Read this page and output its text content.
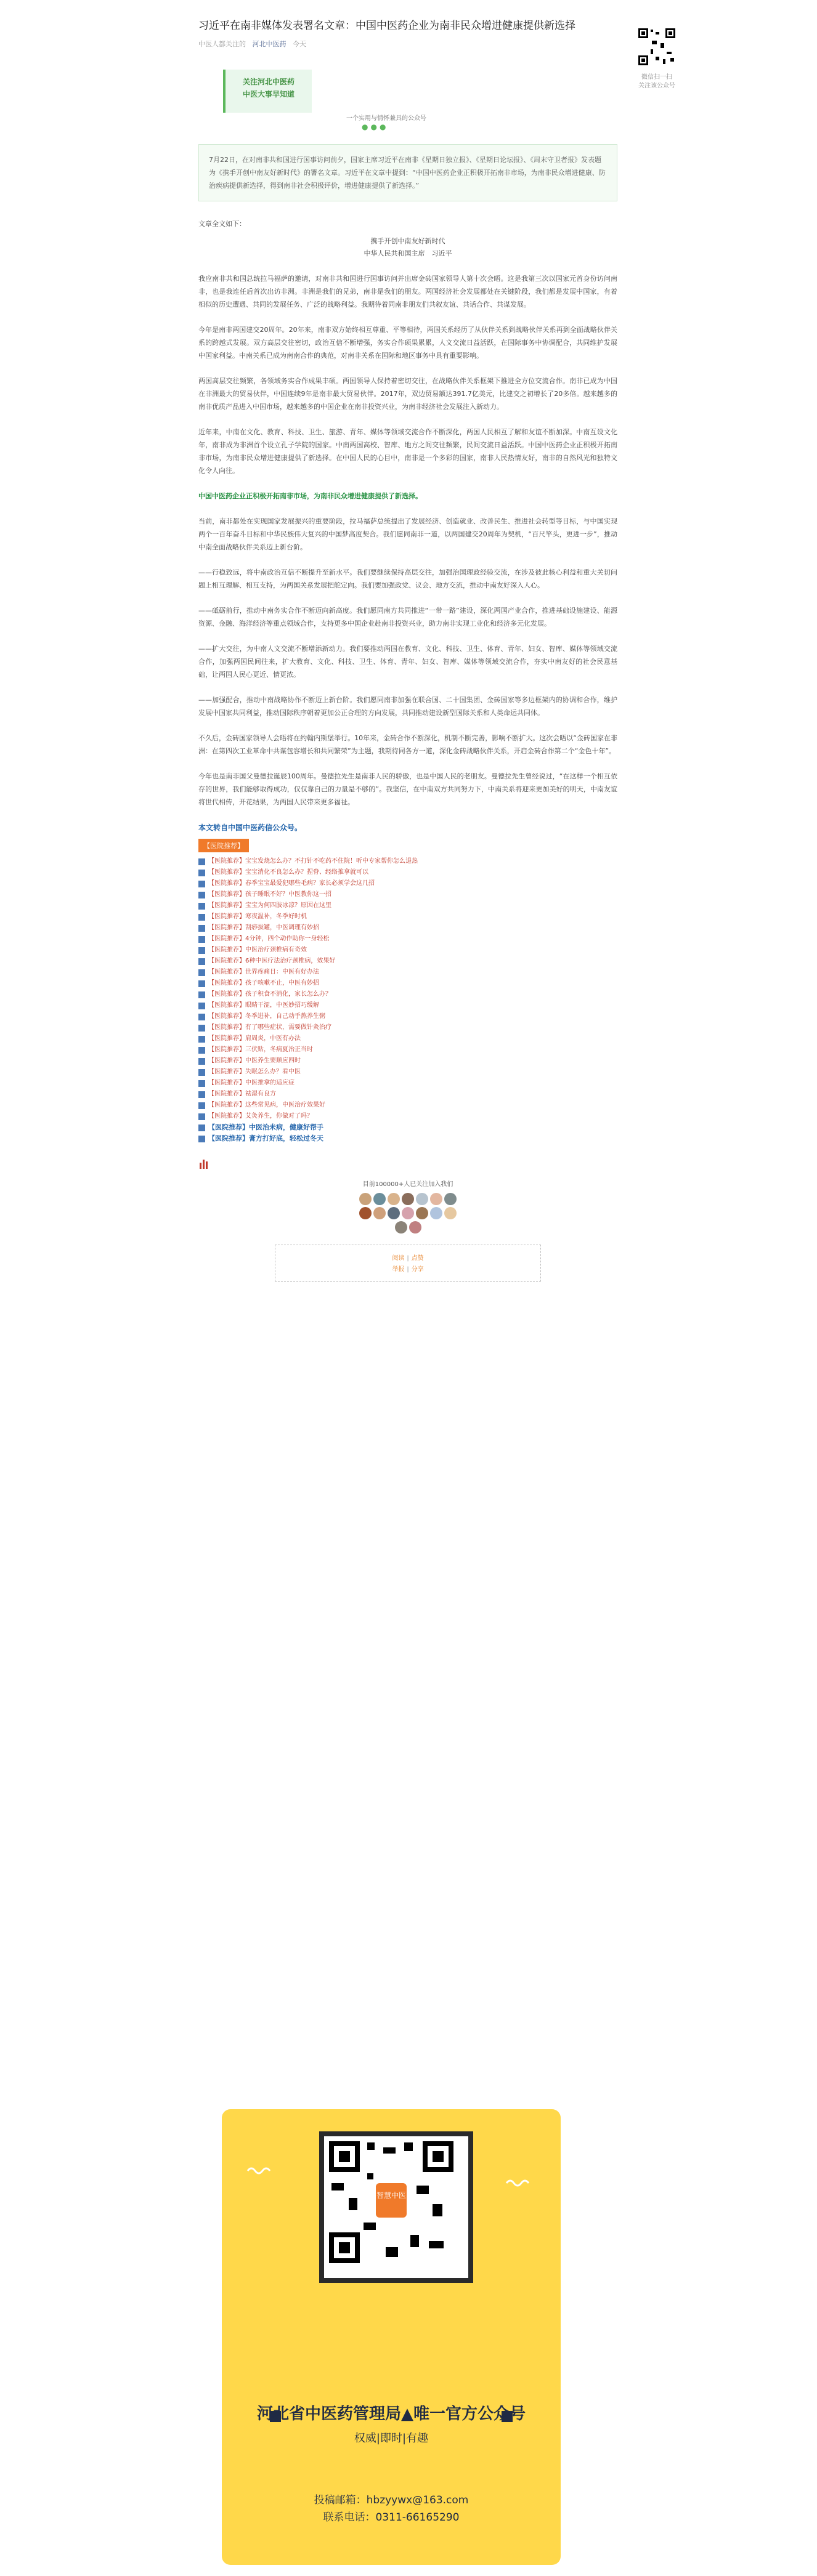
习近平在南非媒体发表署名文章：中国中医药企业为南非民众增进健康提供新选择
中医人都关注的 河北中医药 今天
关注河北中医药
中医大事早知道
一个实用与情怀兼具的公众号
●●●
7月22日，在对南非共和国进行国事访问前夕，国家主席习近平在南非《星期日独立报》、《星期日论坛报》、《周末守卫者报》发表题为《携手开创中南友好新时代》的署名文章。习近平在文章中提到：“中国中医药企业正积极开拓南非市场，为南非民众增进健康、防治疾病提供新选择，得到南非社会积极评价，增进健康提供了新选择。”
文章全文如下：
携手开创中南友好新时代
中华人民共和国主席　习近平

我应南非共和国总统拉马福萨的邀请，对南非共和国进行国事访问并出席金砖国家领导人第十次会晤。这是我第三次以国家元首身份访问南非，也是我连任后首次出访非洲。非洲是我们的兄弟，南非是我们的朋友。两国经济社会发展都处在关键阶段，我们都是发展中国家，有着相似的历史遭遇、共同的发展任务、广泛的战略利益。我期待着同南非朋友们共叙友谊、共话合作、共谋发展。

今年是南非两国建交20周年。20年来，南非双方始终相互尊重、平等相待，两国关系经历了从伙伴关系到战略伙伴关系再到全面战略伙伴关系的跨越式发展。双方高层交往密切，政治互信不断增强，务实合作硕果累累，人文交流日益活跃，在国际事务中协调配合，共同维护发展中国家利益。中南关系已成为南南合作的典范，对南非关系在国际和地区事务中具有重要影响。

两国高层交往频繁，各领域务实合作成果丰硕。两国领导人保持着密切交往，在战略伙伴关系框架下推进全方位交流合作。南非已成为中国在非洲最大的贸易伙伴，中国连续9年是南非最大贸易伙伴。2017年，双边贸易额达391.7亿美元，比建交之初增长了20多倍。越来越多的南非优质产品进入中国市场，越来越多的中国企业在南非投资兴业，为南非经济社会发展注入新动力。

近年来，中南在文化、教育、科技、卫生、旅游、青年、媒体等领域交流合作不断深化，两国人民相互了解和友谊不断加深。中南互设文化年，南非成为非洲首个设立孔子学院的国家。中南两国高校、智库、地方之间交往频繁，民间交流日益活跃。中国中医药企业正积极开拓南非市场，为南非民众增进健康提供了新选择。在中国人民的心目中，南非是一个多彩的国家，南非人民热情友好，南非的自然风光和独特文化令人向往。

中国中医药企业正积极开拓南非市场，为南非民众增进健康提供了新选择。

当前，南非都处在实现国家发展振兴的重要阶段，拉马福萨总统提出了发展经济、创造就业、改善民生、推进社会转型等目标，与中国实现两个一百年奋斗目标和中华民族伟大复兴的中国梦高度契合。我们愿同南非一道，以两国建交20周年为契机，“百尺竿头，更进一步”，推动中南全面战略伙伴关系迈上新台阶。

——行稳致远，将中南政治互信不断提升至新水平。我们要继续保持高层交往，加强治国理政经验交流，在涉及彼此核心利益和重大关切问题上相互理解、相互支持，为两国关系发展把舵定向。我们要加强政党、议会、地方交流，推动中南友好深入人心。

——砥砺前行，推动中南务实合作不断迈向新高度。我们愿同南方共同推进“一带一路”建设，深化两国产业合作，推进基础设施建设、能源资源、金融、海洋经济等重点领域合作，支持更多中国企业赴南非投资兴业，助力南非实现工业化和经济多元化发展。

——扩大交往，为中南人文交流不断增添新动力。我们要推动两国在教育、文化、科技、卫生、体育、青年、妇女、智库、媒体等领域交流合作，加强两国民间往来，扩大教育、文化、科技、卫生、体育、青年、妇女、智库、媒体等领域交流合作，夯实中南友好的社会民意基础，让两国人民心更近、情更浓。

——加强配合，推动中南战略协作不断迈上新台阶。我们愿同南非加强在联合国、二十国集团、金砖国家等多边框架内的协调和合作，维护发展中国家共同利益，推动国际秩序朝着更加公正合理的方向发展，共同推动建设新型国际关系和人类命运共同体。

不久后，金砖国家领导人会晤将在约翰内斯堡举行。10年来，金砖合作不断深化，机制不断完善，影响不断扩大。这次会晤以“金砖国家在非洲：在第四次工业革命中共谋包容增长和共同繁荣”为主题，我期待同各方一道，深化金砖战略伙伴关系，开启金砖合作第二个“金色十年”。

今年也是南非国父曼德拉诞辰100周年。曼德拉先生是南非人民的骄傲，也是中国人民的老朋友。曼德拉先生曾经说过，“在这样一个相互依存的世界，我们能够取得成功，仅仅靠自己的力量是不够的”。我坚信，在中南双方共同努力下，中南关系将迎来更加美好的明天，中南友谊将世代相传，开花结果，为两国人民带来更多福祉。

本文转自中国中医药信公众号。
【医院推荐】
【医院推荐】宝宝发烧怎么办？不打针不吃药不住院！听中专家帮你怎么退热
【医院推荐】宝宝消化不良怎么办？捏脊、经络推拿就可以
【医院推荐】春季宝宝最爱犯哪些毛病？家长必须学会这几招
【医院推荐】孩子睡眠不好？中医教你这一招
【医院推荐】宝宝为何四肢冰凉？原因在这里
【医院推荐】寒夜温补，冬季好时机
【医院推荐】刮痧拔罐，中医调理有妙招
【医院推荐】4分钟，四个动作助你一身轻松
【医院推荐】中医治疗颈椎病有奇效
【医院推荐】6种中医疗法治疗颈椎病，效果好
【医院推荐】世界疼痛日：中医有好办法
【医院推荐】孩子咳嗽不止，中医有妙招
【医院推荐】孩子积食不消化，家长怎么办？
【医院推荐】眼睛干涩，中医妙招巧缓解
【医院推荐】冬季进补，自己动手熬养生粥
【医院推荐】有了哪些症状，需要做针灸治疗
【医院推荐】肩周炎，中医有办法
【医院推荐】三伏贴，冬病夏治正当时
【医院推荐】中医养生要顺应四时
【医院推荐】失眠怎么办？看中医
【医院推荐】中医推拿的适应症
【医院推荐】祛湿有良方
【医院推荐】这些常见病，中医治疗效果好
【医院推荐】艾灸养生，你做对了吗？
【医院推荐】中医治未病，健康好帮手
【医院推荐】膏方打好底，轻松过冬天
目前100000+人已关注加入我们
阅读 | 点赞
举报 | 分享
微信扫一扫
关注该公众号
智慧中医
河北省中医药管理局▲唯一官方公众号
权威|即时|有趣
投稿邮箱：hbzyywx@163.com
联系电话：0311-66165290
